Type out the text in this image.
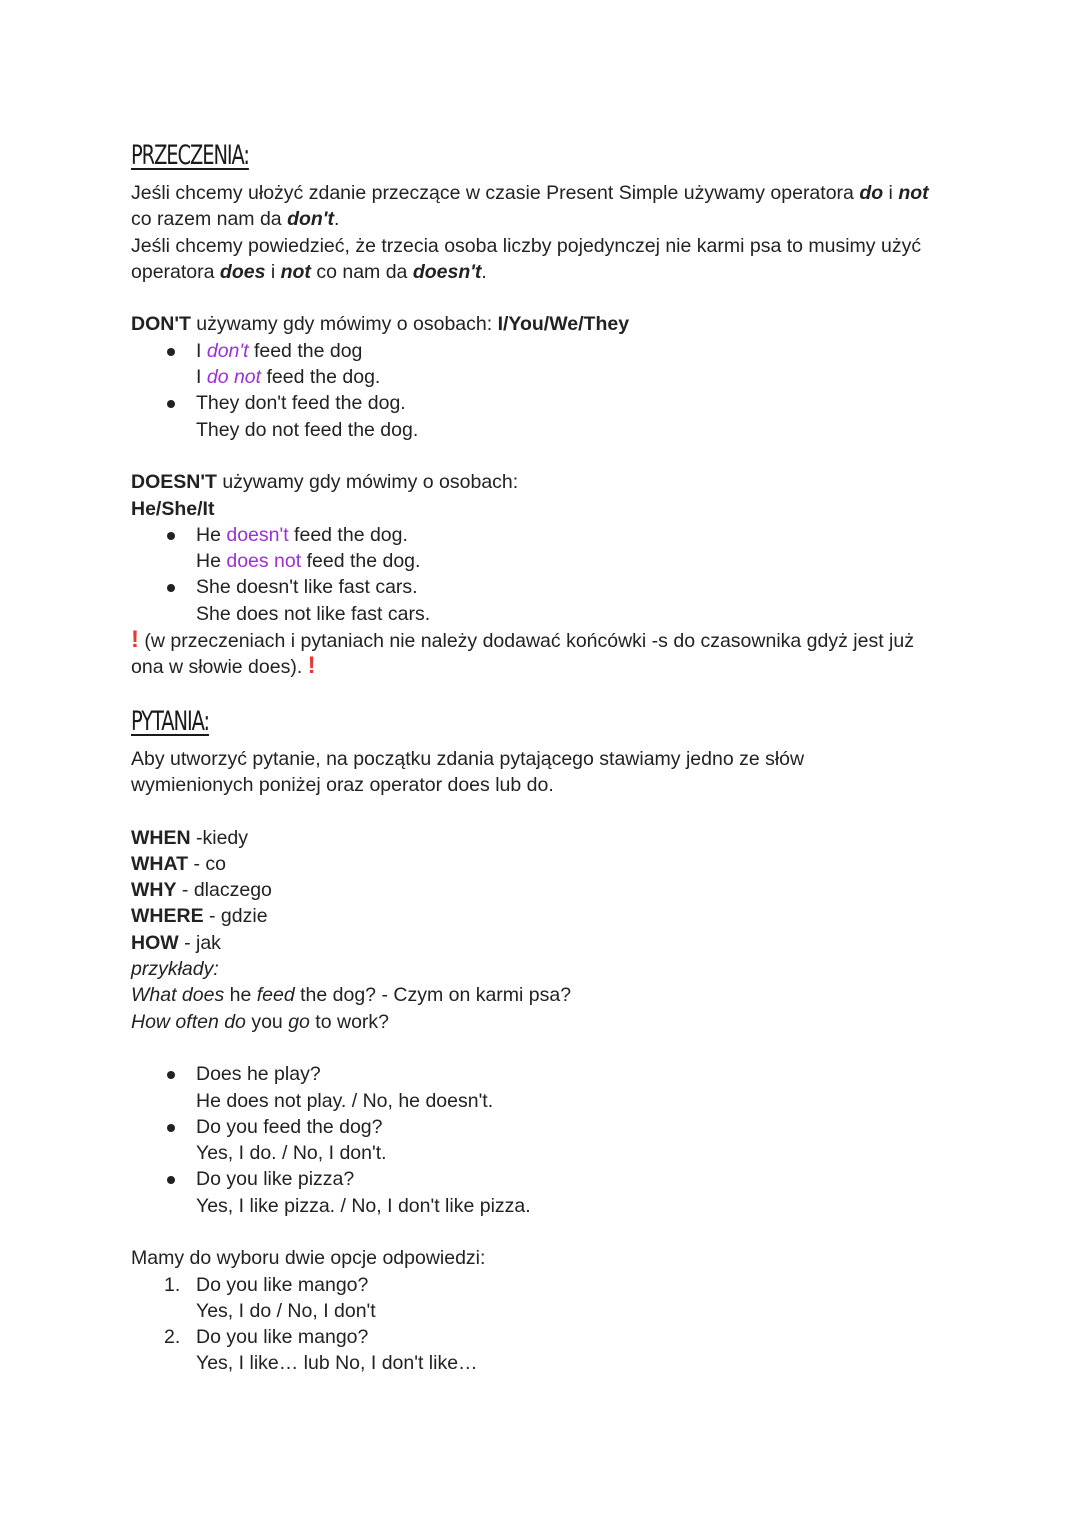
PRZECZENIA:
Jeśli chcemy ułożyć zdanie przeczące w czasie Present Simple używamy operatora do i not
co razem nam da don't.
Jeśli chcemy powiedzieć, że trzecia osoba liczby pojedynczej nie karmi psa to musimy użyć
operatora does i not co nam da doesn't.
DON'T używamy gdy mówimy o osobach: I/You/We/They
I don't feed the dog
I do not feed the dog.
They don't feed the dog.
They do not feed the dog.
DOESN'T używamy gdy mówimy o osobach:
He/She/It
He doesn't feed the dog.
He does not feed the dog.
She doesn't like fast cars.
She does not like fast cars.
! (w przeczeniach i pytaniach nie należy dodawać końcówki -s do czasownika gdyż jest już
ona w słowie does). !
PYTANIA:
Aby utworzyć pytanie, na początku zdania pytającego stawiamy jedno ze słów
wymienionych poniżej oraz operator does lub do.
WHEN -kiedy
WHAT - co
WHY - dlaczego
WHERE - gdzie
HOW - jak
przykłady:
What does he feed the dog? - Czym on karmi psa?
How often do you go to work?
Does he play?
He does not play. / No, he doesn't.
Do you feed the dog?
Yes, I do. / No, I don't.
Do you like pizza?
Yes, I like pizza. / No, I don't like pizza.
Mamy do wyboru dwie opcje odpowiedzi:
1. Do you like mango?
Yes, I do / No, I don't
2. Do you like mango?
Yes, I like… lub No, I don't like…
